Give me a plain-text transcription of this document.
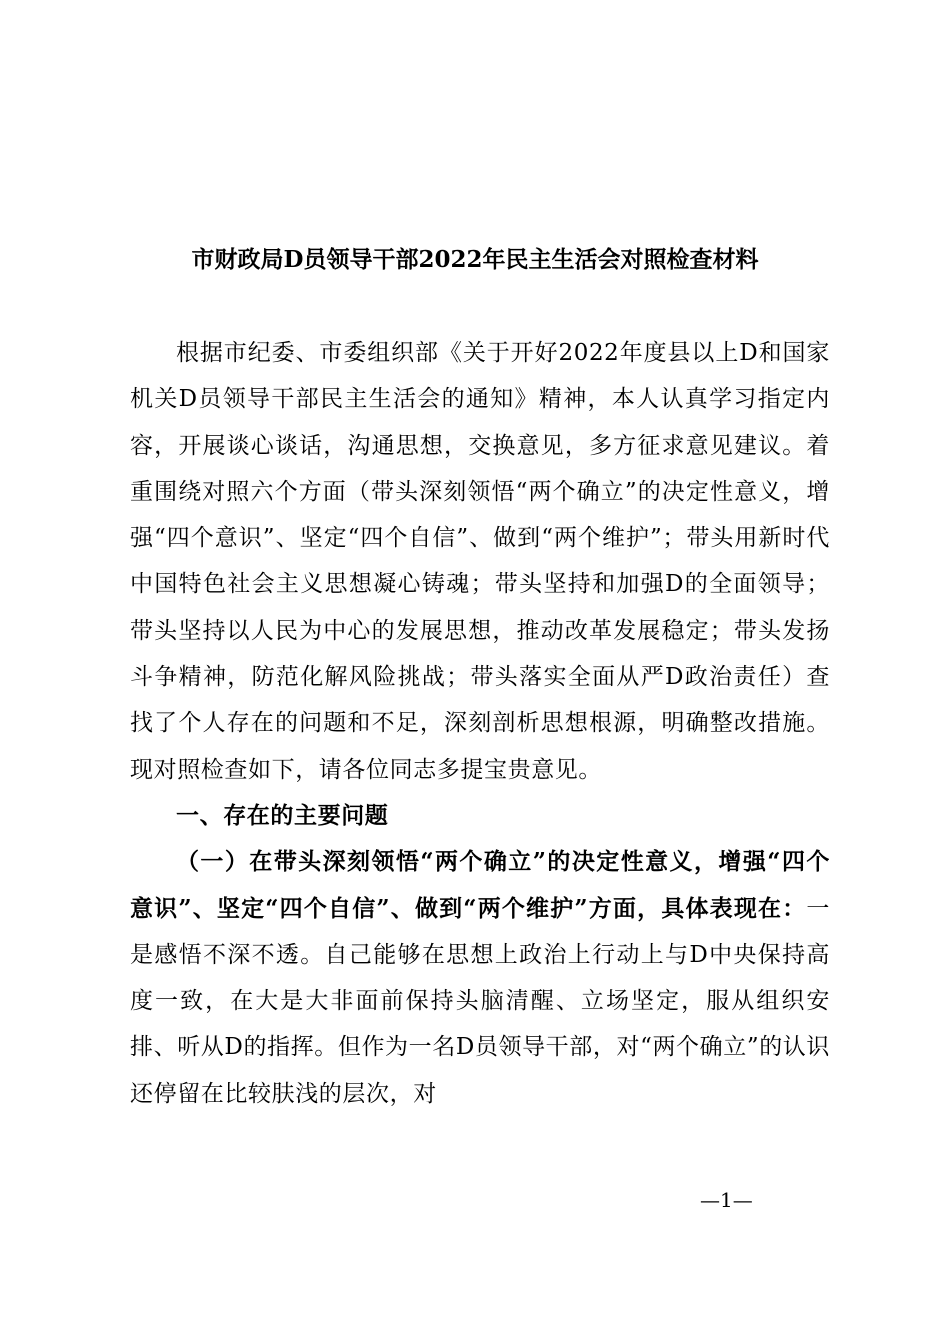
市财政局D员领导干部2022年民主生活会对照检查材料

根据市纪委、市委组织部《关于开好2022年度县以上D和国家机关D员领导干部民主生活会的通知》精神，本人认真学习指定内容，开展谈心谈话，沟通思想，交换意见，多方征求意见建议。着重围绕对照六个方面（带头深刻领悟“两个确立”的决定性意义，增强“四个意识”、坚定“四个自信”、做到“两个维护”；带头用新时代中国特色社会主义思想凝心铸魂；带头坚持和加强D的全面领导；带头坚持以人民为中心的发展思想，推动改革发展稳定；带头发扬斗争精神，防范化解风险挑战；带头落实全面从严D政治责任）查找了个人存在的问题和不足，深刻剖析思想根源，明确整改措施。现对照检查如下，请各位同志多提宝贵意见。

一、存在的主要问题

（一）在带头深刻领悟“两个确立”的决定性意义，增强“四个意识”、坚定“四个自信”、做到“两个维护”方面，具体表现在：一是感悟不深不透。自己能够在思想上政治上行动上与D中央保持高度一致，在大是大非面前保持头脑清醒、立场坚定，服从组织安排、听从D的指挥。但作为一名D员领导干部，对“两个确立”的认识还停留在比较肤浅的层次，对

—1—
